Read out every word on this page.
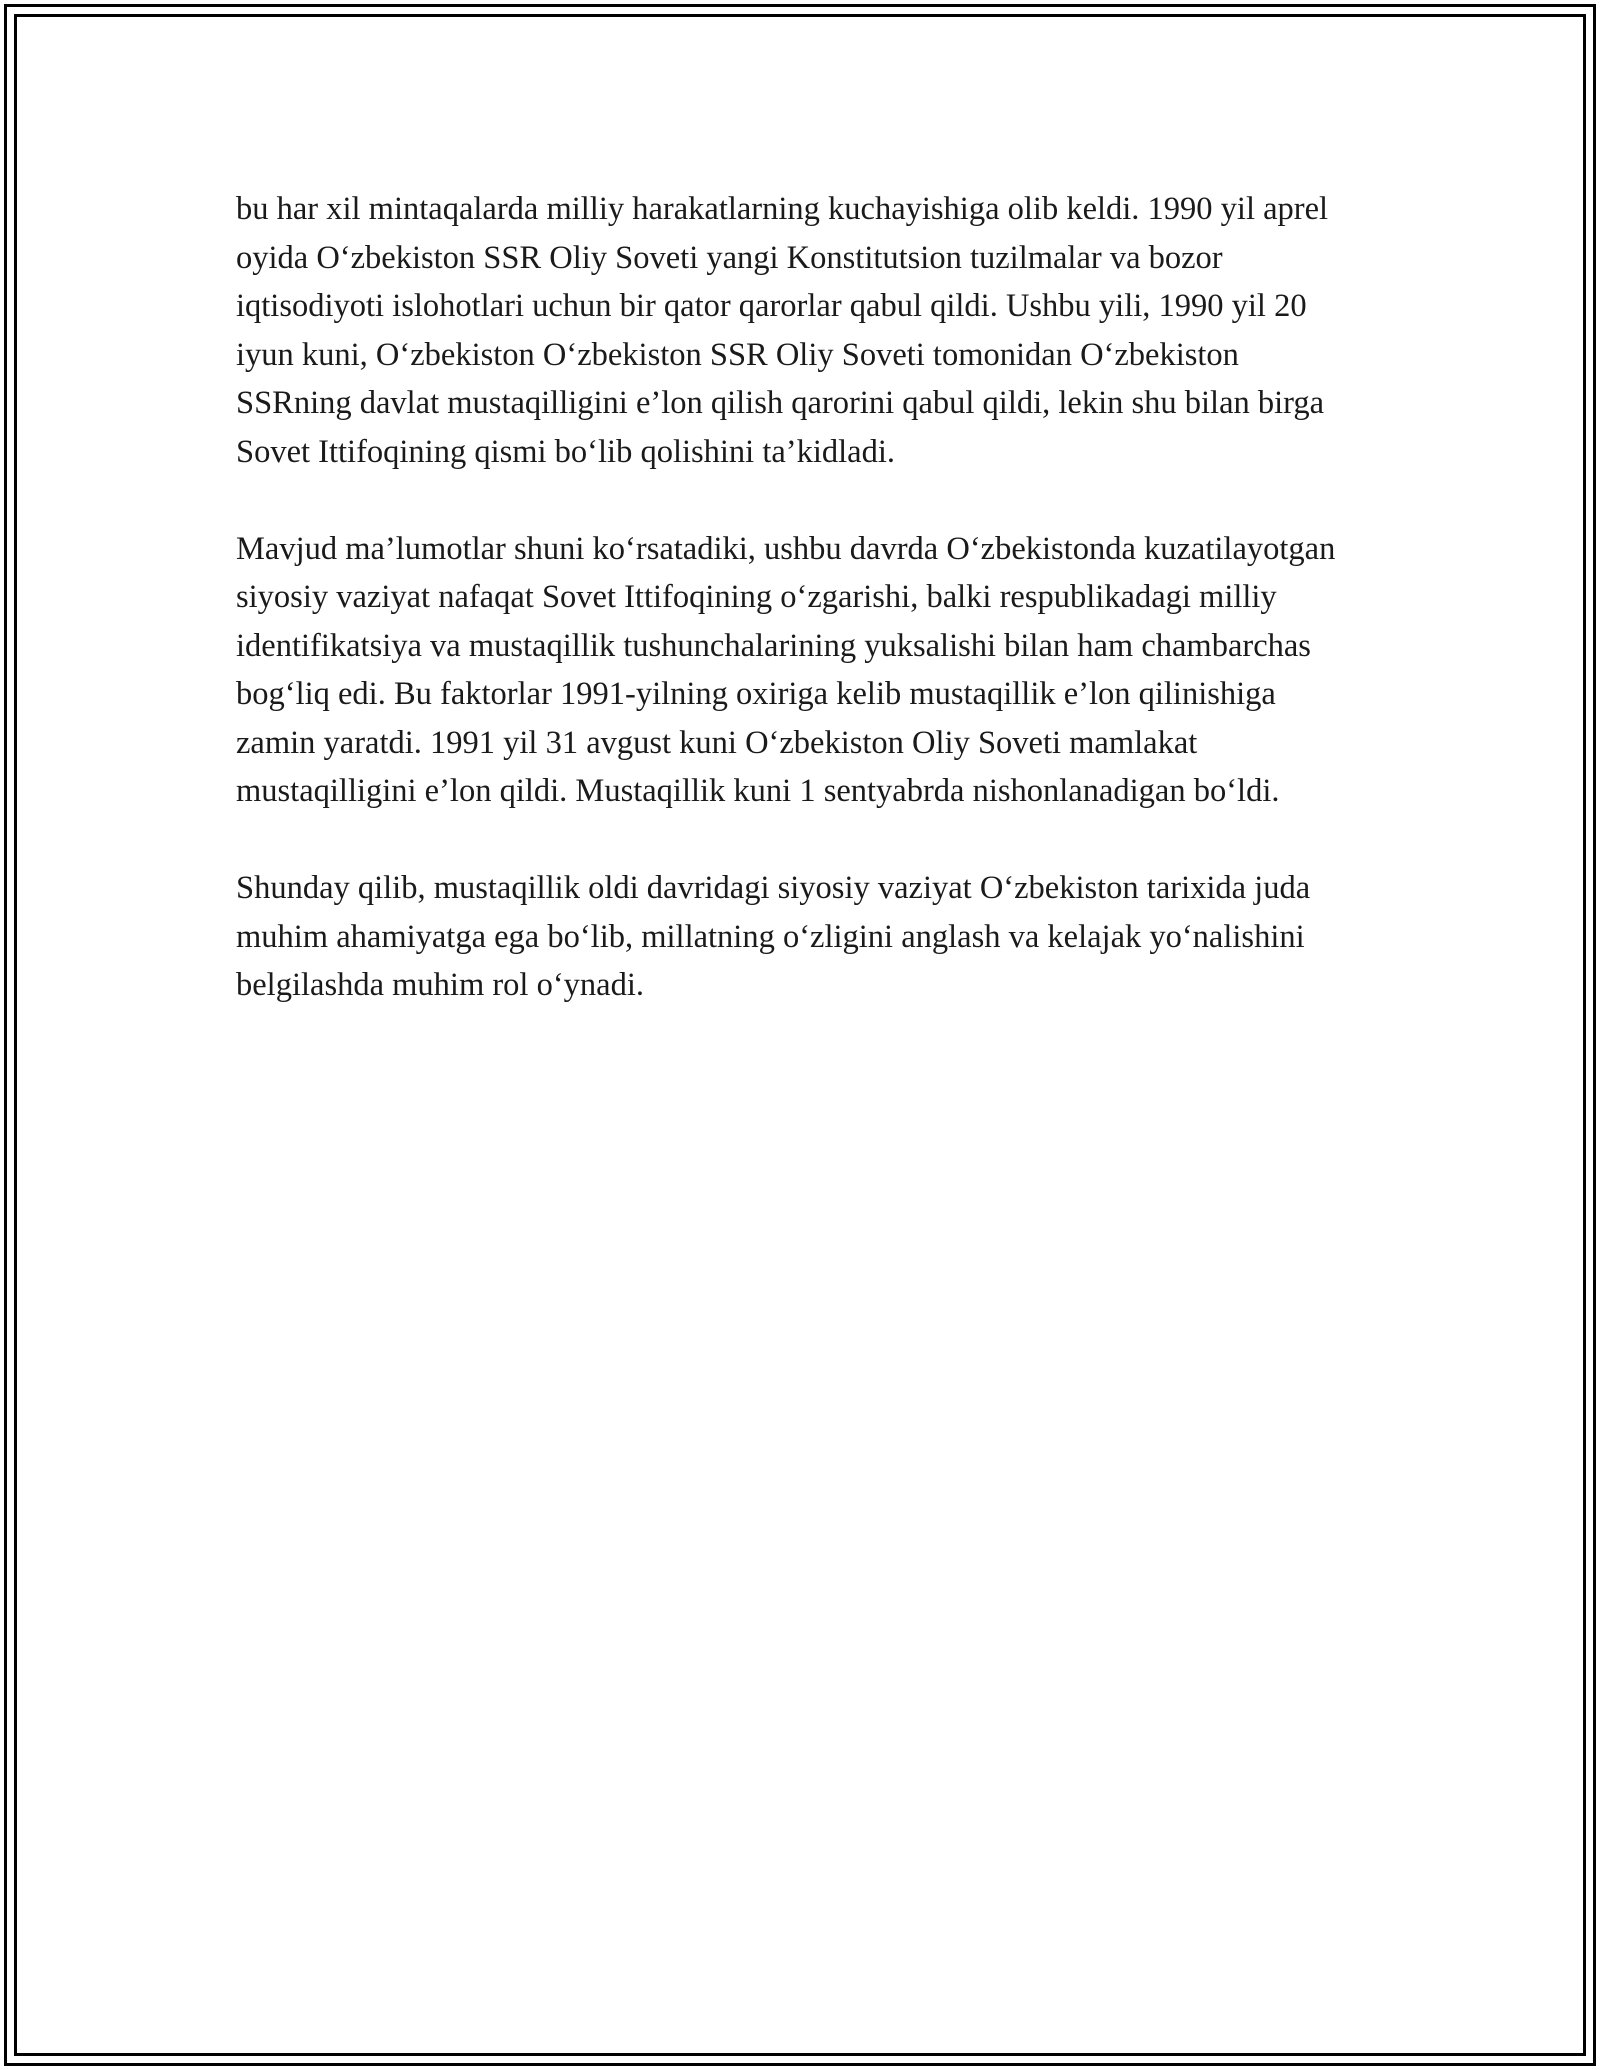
bu har xil mintaqalarda milliy harakatlarning kuchayishiga olib keldi. 1990 yil aprel oyida O‘zbekiston SSR Oliy Soveti yangi Konstitutsion tuzilmalar va bozor iqtisodiyoti islohotlari uchun bir qator qarorlar qabul qildi. Ushbu yili, 1990 yil 20 iyun kuni, O‘zbekiston O‘zbekiston SSR Oliy Soveti tomonidan O‘zbekiston SSRning davlat mustaqilligini e’lon qilish qarorini qabul qildi, lekin shu bilan birga Sovet Ittifoqining qismi bo‘lib qolishini ta’kidladi.

Mavjud ma’lumotlar shuni ko‘rsatadiki, ushbu davrda O‘zbekistonda kuzatilayotgan siyosiy vaziyat nafaqat Sovet Ittifoqining o‘zgarishi, balki respublikadagi milliy identifikatsiya va mustaqillik tushunchalarining yuksalishi bilan ham chambarchas bog‘liq edi. Bu faktorlar 1991-yilning oxiriga kelib mustaqillik e’lon qilinishiga zamin yaratdi. 1991 yil 31 avgust kuni O‘zbekiston Oliy Soveti mamlakat mustaqilligini e’lon qildi. Mustaqillik kuni 1 sentyabrda nishonlanadigan bo‘ldi.

Shunday qilib, mustaqillik oldi davridagi siyosiy vaziyat O‘zbekiston tarixida juda muhim ahamiyatga ega bo‘lib, millatning o‘zligini anglash va kelajak yo‘nalishini belgilashda muhim rol o‘ynadi.
